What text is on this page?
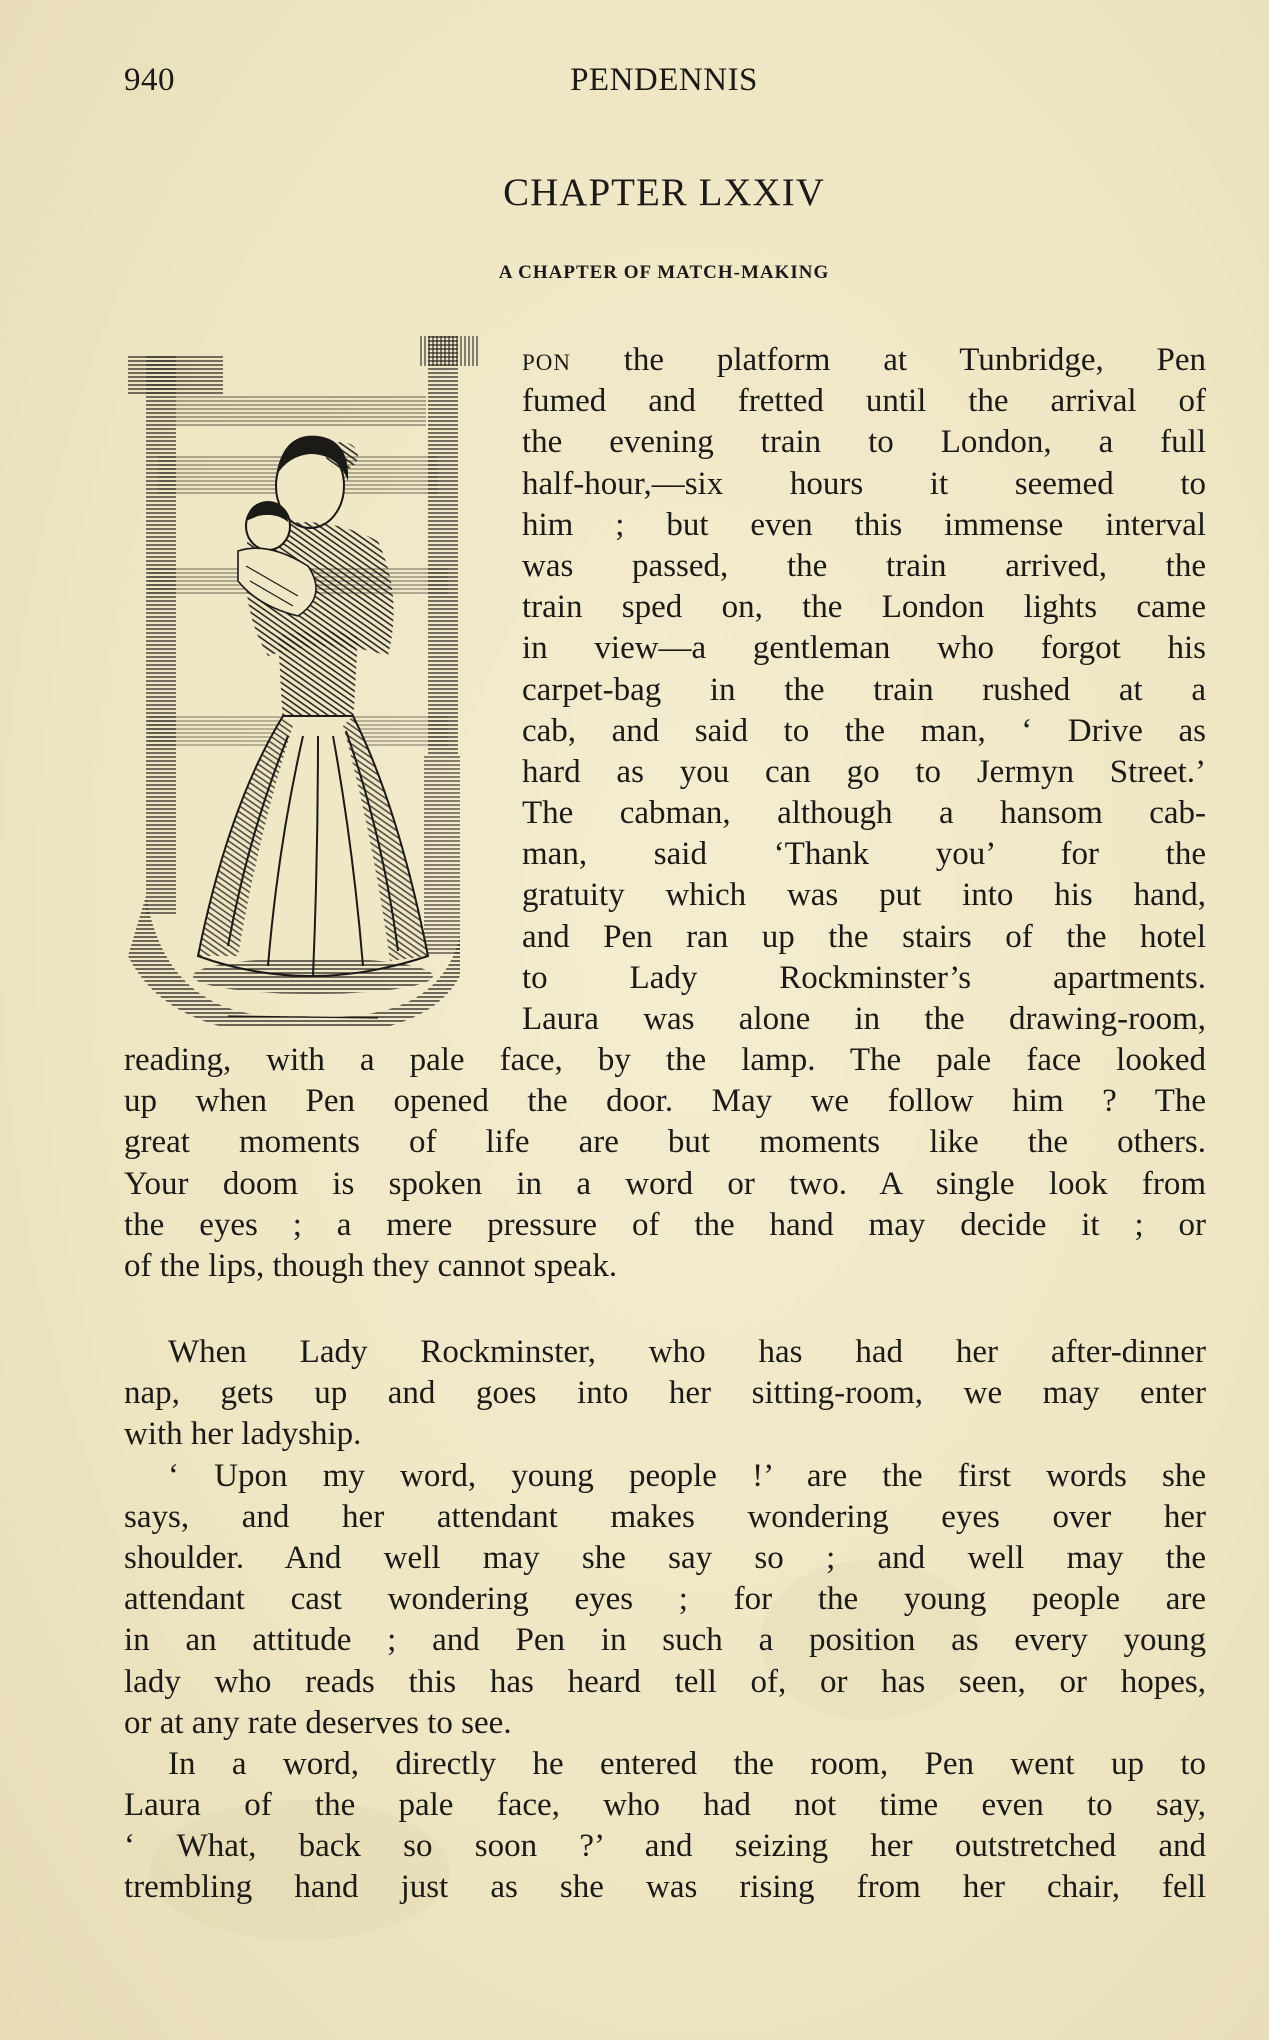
940	PENDENNIS
CHAPTER LXXIV
A CHAPTER OF MATCH-MAKING
PON the platform at Tunbridge, Pen
fumed and fretted until the arrival of
the evening train to London, a full
half-hour,—six hours it seemed to
him ; but even this immense interval
was passed, the train arrived, the
train sped on, the London lights came
in view—a gentleman who forgot his
carpet-bag in the train rushed at a
cab, and said to the man, ‘ Drive as
hard as you can go to Jermyn Street.’
The cabman, although a hansom cab-
man, said ‘Thank you’ for the
gratuity which was put into his hand,
and Pen ran up the stairs of the hotel
to Lady Rockminster’s apartments.
Laura was alone in the drawing-room,
reading, with a pale face, by the lamp. The pale face looked
up when Pen opened the door. May we follow him ? The
great moments of life are but moments like the others.
Your doom is spoken in a word or two. A single look from
the eyes ; a mere pressure of the hand may decide it ; or
of the lips, though they cannot speak.
When Lady Rockminster, who has had her after-dinner
nap, gets up and goes into her sitting-room, we may enter
with her ladyship.
‘ Upon my word, young people !’ are the first words she
says, and her attendant makes wondering eyes over her
shoulder. And well may she say so ; and well may the
attendant cast wondering eyes ; for the young people are
in an attitude ; and Pen in such a position as every young
lady who reads this has heard tell of, or has seen, or hopes,
or at any rate deserves to see.
In a word, directly he entered the room, Pen went up to
Laura of the pale face, who had not time even to say,
‘ What, back so soon ?’ and seizing her outstretched and
trembling hand just as she was rising from her chair, fell
